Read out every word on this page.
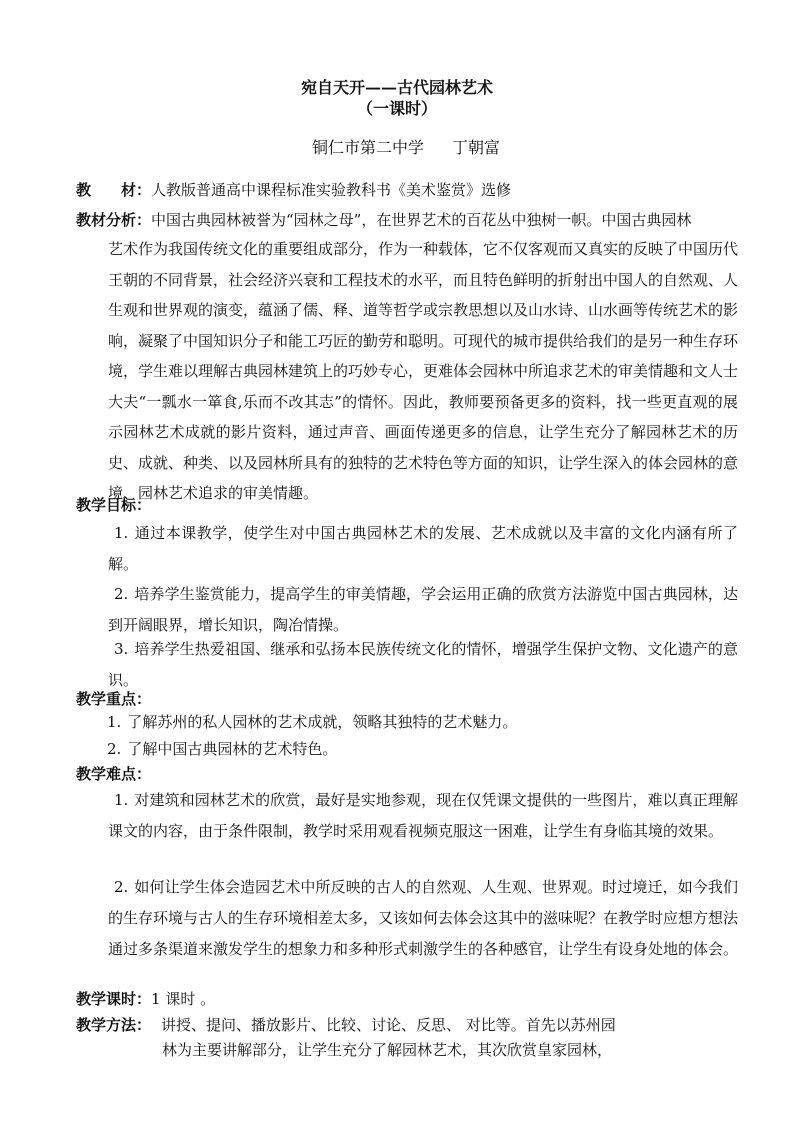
宛自天开——古代园林艺术
（一课时）
铜仁市第二中学 丁朝富
教　　材：人教版普通高中课程标准实验教科书《美术鉴赏》选修
教材分析：中国古典园林被誉为“园林之母”，在世界艺术的百花丛中独树一帜。中国古典园林
艺术作为我国传统文化的重要组成部分，作为一种载体，它不仅客观而又真实的反映了中国历代王朝的不同背景，社会经济兴衰和工程技术的水平，而且特色鲜明的折射出中国人的自然观、人生观和世界观的演变，蕴涵了儒、释、道等哲学或宗教思想以及山水诗、山水画等传统艺术的影响，凝聚了中国知识分子和能工巧匠的勤劳和聪明。可现代的城市提供给我们的是另一种生存环境，学生难以理解古典园林建筑上的巧妙专心，更难体会园林中所追求艺术的审美情趣和文人士大夫“一瓢水一箪食,乐而不改其志”的情怀。因此，教师要预备更多的资料，找一些更直观的展示园林艺术成就的影片资料，通过声音、画面传递更多的信息，让学生充分了解园林艺术的历史、成就、种类、以及园林所具有的独特的艺术特色等方面的知识，让学生深入的体会园林的意境、园林艺术追求的审美情趣。
教学目标：
1. 通过本课教学，使学生对中国古典园林艺术的发展、艺术成就以及丰富的文化内涵有所了解。
2. 培养学生鉴赏能力，提高学生的审美情趣，学会运用正确的欣赏方法游览中国古典园林，达到开阔眼界，增长知识，陶冶情操。
3. 培养学生热爱祖国、继承和弘扬本民族传统文化的情怀，增强学生保护文物、文化遗产的意识。
教学重点：
1. 了解苏州的私人园林的艺术成就，领略其独特的艺术魅力。
2. 了解中国古典园林的艺术特色。
教学难点：
1. 对建筑和园林艺术的欣赏，最好是实地参观，现在仅凭课文提供的一些图片，难以真正理解课文的内容，由于条件限制，教学时采用观看视频克服这一困难，让学生有身临其境的效果。
2. 如何让学生体会造园艺术中所反映的古人的自然观、人生观、世界观。时过境迁，如今我们的生存环境与古人的生存环境相差太多，又该如何去体会这其中的滋味呢？在教学时应想方想法通过多条渠道来激发学生的想象力和多种形式刺激学生的各种感官，让学生有设身处地的体会。
教学课时：1 课时 。
教学方法： 讲授、提问、播放影片、比较、讨论、反思、 对比等。首先以苏州园
林为主要讲解部分，让学生充分了解园林艺术，其次欣赏皇家园林，
